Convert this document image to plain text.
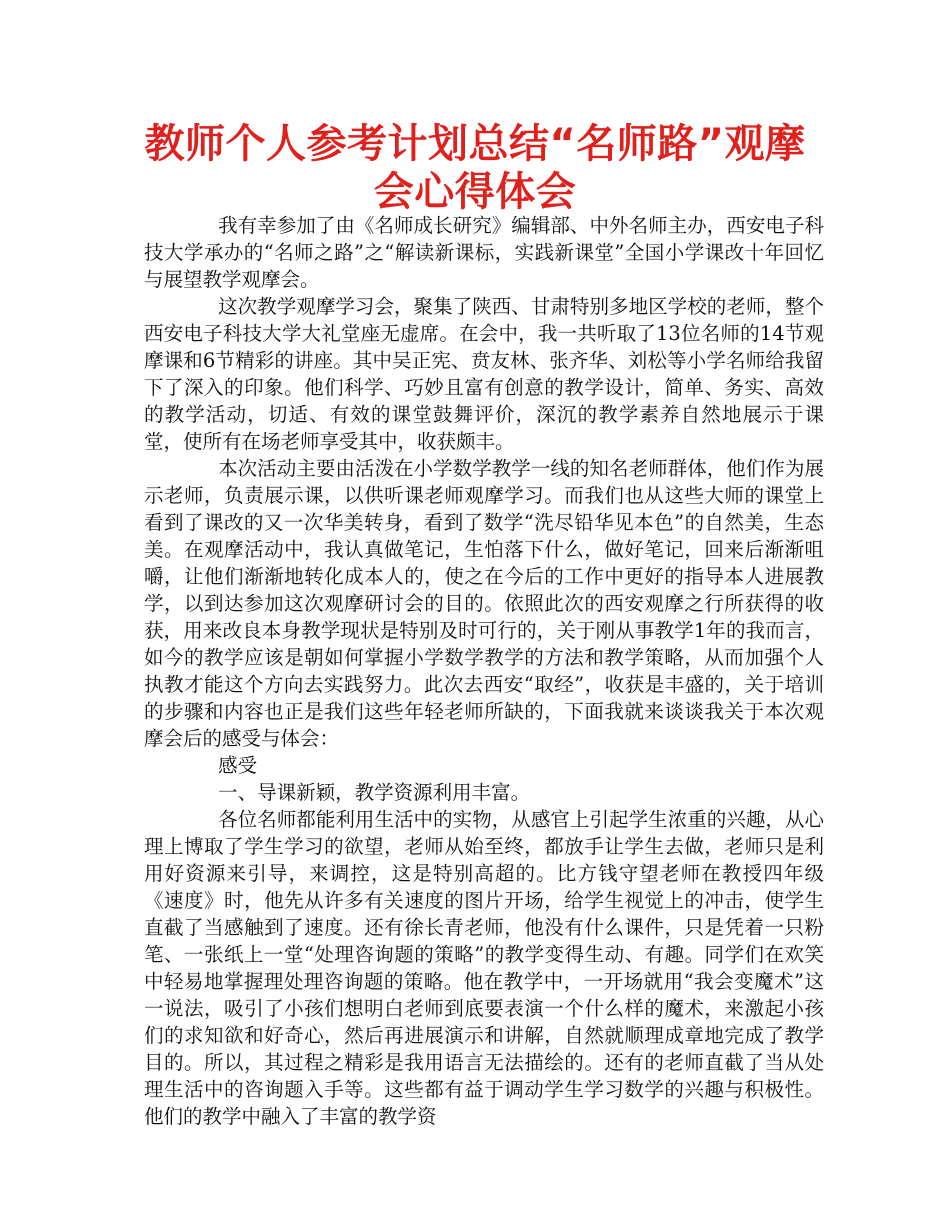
教师个人参考计划总结“名师路”观摩会心得体会

我有幸参加了由《名师成长研究》编辑部、中外名师主办，西安电子科技大学承办的“名师之路”之“解读新课标，实践新课堂”全国小学课改十年回忆与展望教学观摩会。

这次教学观摩学习会，聚集了陕西、甘肃特别多地区学校的老师，整个西安电子科技大学大礼堂座无虚席。在会中，我一共听取了13位名师的14节观摩课和6节精彩的讲座。其中吴正宪、贲友林、张齐华、刘松等小学名师给我留下了深入的印象。他们科学、巧妙且富有创意的教学设计，简单、务实、高效的教学活动，切适、有效的课堂鼓舞评价，深沉的教学素养自然地展示于课堂，使所有在场老师享受其中，收获颇丰。

本次活动主要由活泼在小学数学教学一线的知名老师群体，他们作为展示老师，负责展示课，以供听课老师观摩学习。而我们也从这些大师的课堂上看到了课改的又一次华美转身，看到了数学“洗尽铅华见本色”的自然美，生态美。在观摩活动中，我认真做笔记，生怕落下什么，做好笔记，回来后渐渐咀嚼，让他们渐渐地转化成本人的，使之在今后的工作中更好的指导本人进展教学，以到达参加这次观摩研讨会的目的。依照此次的西安观摩之行所获得的收获，用来改良本身教学现状是特别及时可行的，关于刚从事教学1年的我而言，如今的教学应该是朝如何掌握小学数学教学的方法和教学策略，从而加强个人执教才能这个方向去实践努力。此次去西安“取经”，收获是丰盛的，关于培训的步骤和内容也正是我们这些年轻老师所缺的，下面我就来谈谈我关于本次观摩会后的感受与体会：

感受

一、导课新颖，教学资源利用丰富。

各位名师都能利用生活中的实物，从感官上引起学生浓重的兴趣，从心理上博取了学生学习的欲望，老师从始至终，都放手让学生去做，老师只是利用好资源来引导，来调控，这是特别高超的。比方钱守望老师在教授四年级《速度》时，他先从许多有关速度的图片开场，给学生视觉上的冲击，使学生直截了当感触到了速度。还有徐长青老师，他没有什么课件，只是凭着一只粉笔、一张纸上一堂“处理咨询题的策略”的教学变得生动、有趣。同学们在欢笑中轻易地掌握理处理咨询题的策略。他在教学中，一开场就用“我会变魔术”这一说法，吸引了小孩们想明白老师到底要表演一个什么样的魔术，来激起小孩们的求知欲和好奇心，然后再进展演示和讲解，自然就顺理成章地完成了教学目的。所以，其过程之精彩是我用语言无法描绘的。还有的老师直截了当从处理生活中的咨询题入手等。这些都有益于调动学生学习数学的兴趣与积极性。他们的教学中融入了丰富的教学资
